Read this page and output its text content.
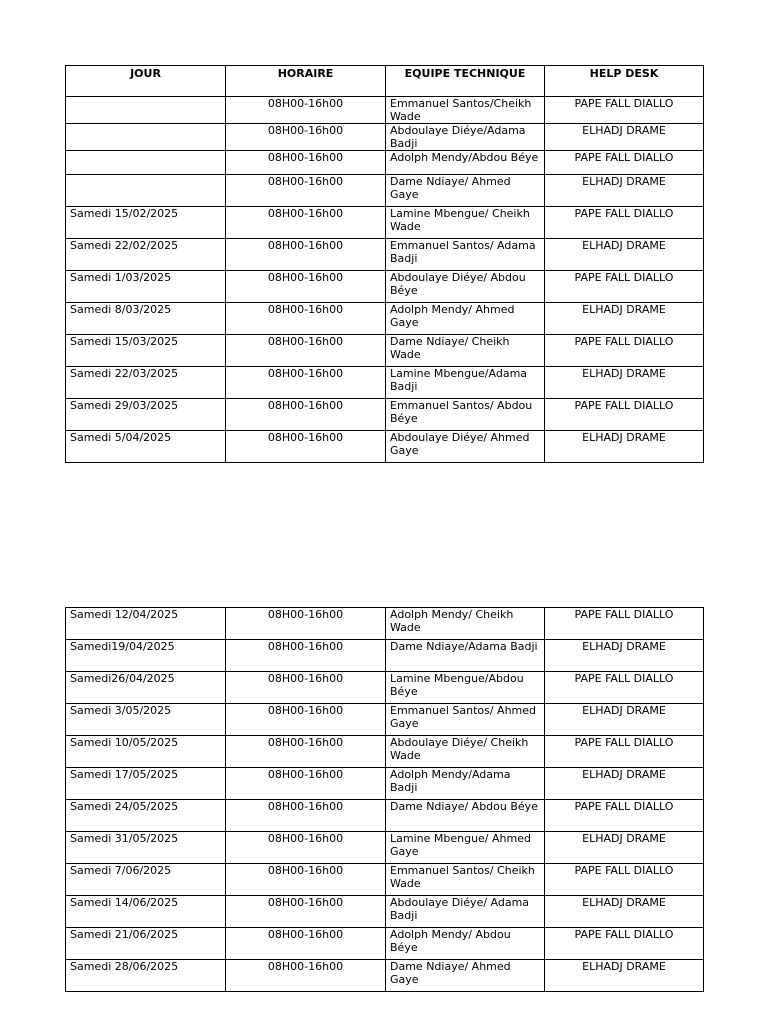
JOUR	HORAIRE	EQUIPE TECHNIQUE	HELP DESK
	08H00-16h00	Emmanuel Santos/Cheikh Wade	PAPE FALL DIALLO
	08H00-16h00	Abdoulaye Diéye/Adama Badji	ELHADJ DRAME
	08H00-16h00	Adolph Mendy/Abdou Béye	PAPE FALL DIALLO
	08H00-16h00	Dame Ndiaye/ Ahmed Gaye	ELHADJ DRAME
Samedi 15/02/2025	08H00-16h00	Lamine Mbengue/ Cheikh Wade	PAPE FALL DIALLO
Samedi 22/02/2025	08H00-16h00	Emmanuel Santos/ Adama Badji	ELHADJ DRAME
Samedi 1/03/2025	08H00-16h00	Abdoulaye Diéye/ Abdou Béye	PAPE FALL DIALLO
Samedi 8/03/2025	08H00-16h00	Adolph Mendy/ Ahmed Gaye	ELHADJ DRAME
Samedi 15/03/2025	08H00-16h00	Dame Ndiaye/ Cheikh Wade	PAPE FALL DIALLO
Samedi 22/03/2025	08H00-16h00	Lamine Mbengue/Adama Badji	ELHADJ DRAME
Samedi 29/03/2025	08H00-16h00	Emmanuel Santos/ Abdou Béye	PAPE FALL DIALLO
Samedi 5/04/2025	08H00-16h00	Abdoulaye Diéye/ Ahmed Gaye	ELHADJ DRAME
Samedi 12/04/2025	08H00-16h00	Adolph Mendy/ Cheikh Wade	PAPE FALL DIALLO
Samedi19/04/2025	08H00-16h00	Dame Ndiaye/Adama Badji	ELHADJ DRAME
Samedi26/04/2025	08H00-16h00	Lamine Mbengue/Abdou Béye	PAPE FALL DIALLO
Samedi 3/05/2025	08H00-16h00	Emmanuel Santos/ Ahmed Gaye	ELHADJ DRAME
Samedi 10/05/2025	08H00-16h00	Abdoulaye Diéye/ Cheikh Wade	PAPE FALL DIALLO
Samedi 17/05/2025	08H00-16h00	Adolph Mendy/Adama Badji	ELHADJ DRAME
Samedi 24/05/2025	08H00-16h00	Dame Ndiaye/ Abdou Béye	PAPE FALL DIALLO
Samedi 31/05/2025	08H00-16h00	Lamine Mbengue/ Ahmed Gaye	ELHADJ DRAME
Samedi 7/06/2025	08H00-16h00	Emmanuel Santos/ Cheikh Wade	PAPE FALL DIALLO
Samedi 14/06/2025	08H00-16h00	Abdoulaye Diéye/ Adama Badji	ELHADJ DRAME
Samedi 21/06/2025	08H00-16h00	Adolph Mendy/ Abdou Béye	PAPE FALL DIALLO
Samedi 28/06/2025	08H00-16h00	Dame Ndiaye/ Ahmed Gaye	ELHADJ DRAME
